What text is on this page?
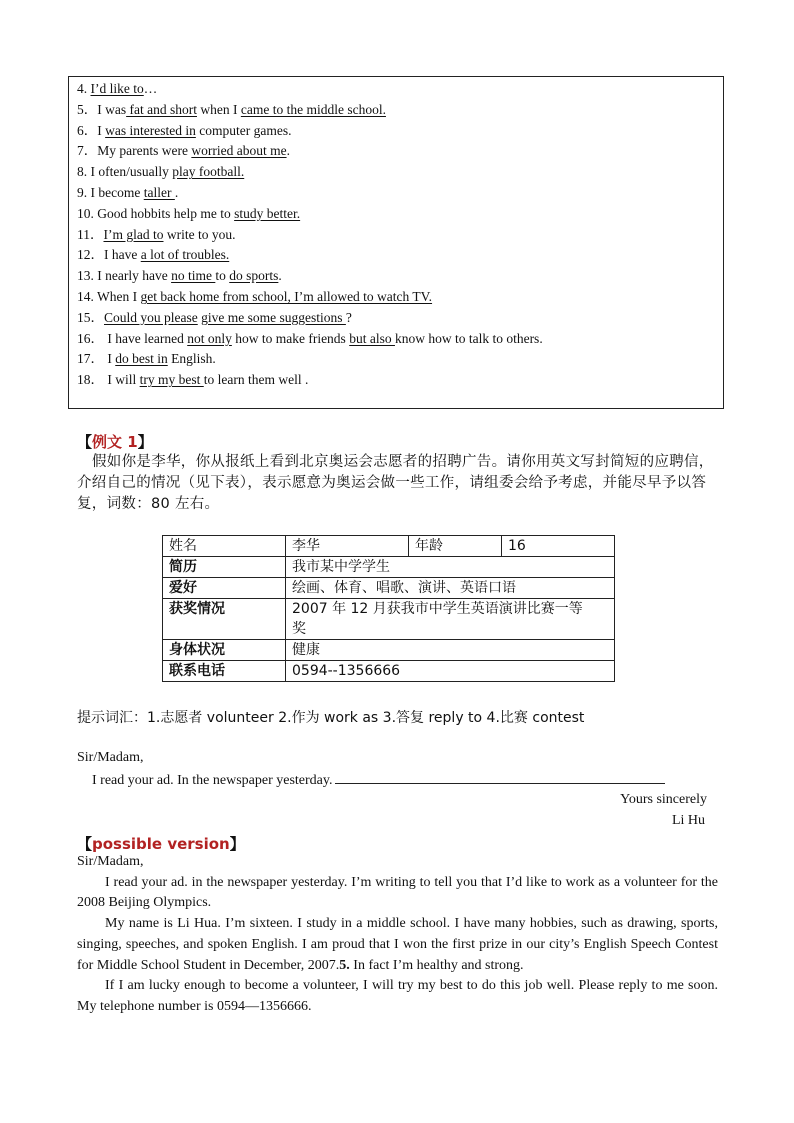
4. I’d like to…
5．I was fat and short when I came to the middle school.
6．I was interested in computer games.
7．My parents were worried about me.
8. I often/usually play football.
9. I become taller .
10. Good hobbits help me to study better.
11．I’m glad to write to you.
12．I have a lot of troubles.
13. I nearly have no time to do sports.
14. When I get back home from school, I’m allowed to watch TV.
15．Could you please give me some suggestions ?
16． I have learned not only how to make friends but also know how to talk to others.
17． I do best in English.
18． I will try my best to learn them well .
【例文 1】
假如你是李华，你从报纸上看到北京奥运会志愿者的招聘广告。请你用英文写封简短的应聘信，介绍自己的情况（见下表），表示愿意为奥运会做一些工作，请组委会给予考虑，并能尽早予以答复，词数：80 左右。
姓名	李华	年龄	16
简历	我市某中学学生		
爱好	绘画、体育、唱歌、演讲、英语口语		
获奖情况	2007 年 12 月获我市中学生英语演讲比赛一等奖		
身体状况	健康		
联系电话	0594--1356666		
提示词汇：1.志愿者 volunteer 2.作为 work as 3.答复 reply to 4.比赛 contest
Sir/Madam,
I read your ad. In the newspaper yesterday.
Yours sincerely
Li Hu
【possible version】

Sir/Madam,

I read your ad. in the newspaper yesterday. I’m writing to tell you that I’d like to work as a volunteer for the 2008 Beijing Olympics.

My name is Li Hua. I’m sixteen. I study in a middle school. I have many hobbies, such as drawing, sports, singing, speeches, and spoken English. I am proud that I won the first prize in our city’s English Speech Contest for Middle School Student in December, 2007.5. In fact I’m healthy and strong.

If I am lucky enough to become a volunteer, I will try my best to do this job well. Please reply to me soon. My telephone number is 0594—1356666.
